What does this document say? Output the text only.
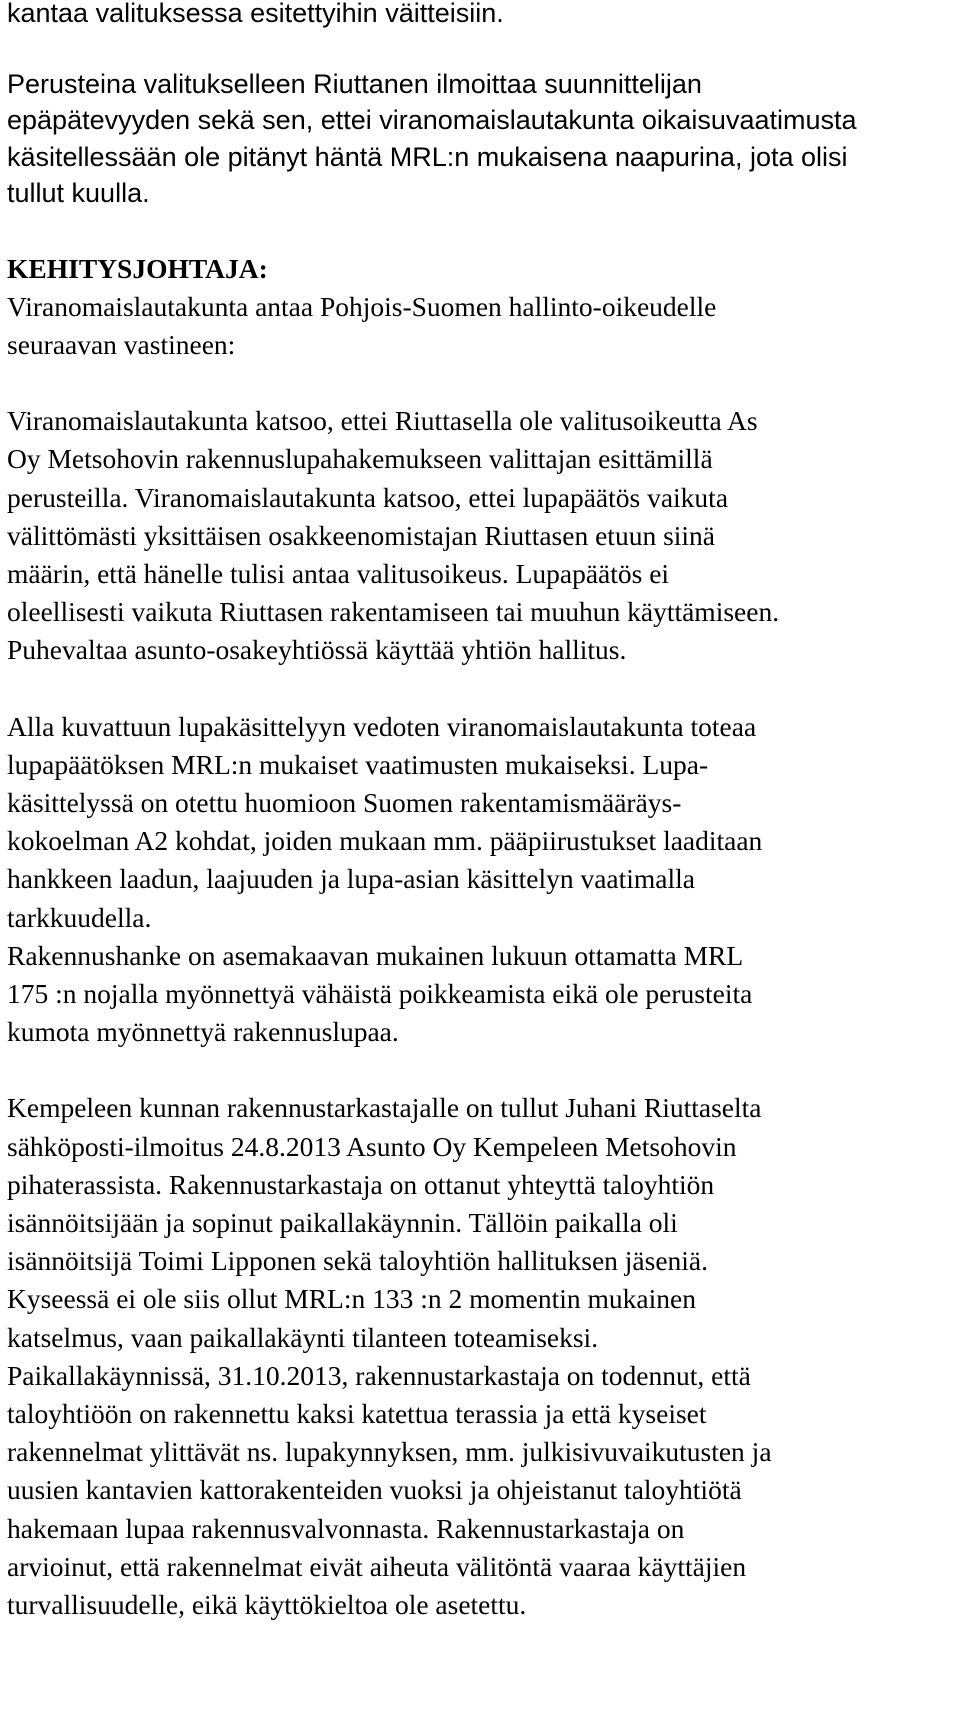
kantaa valituksessa esitettyihin väitteisiin.
Perusteina valitukselleen Riuttanen ilmoittaa suunnittelijan
epäpätevyyden sekä sen, ettei viranomaislautakunta oikaisuvaatimusta
käsitellessään ole pitänyt häntä MRL:n mukaisena naapurina, jota olisi
tullut kuulla.
KEHITYSJOHTAJA:
Viranomaislautakunta antaa Pohjois-Suomen hallinto-oikeudelle
seuraavan vastineen:
Viranomaislautakunta katsoo, ettei Riuttasella ole valitusoikeutta As
Oy Metsohovin rakennuslupahakemukseen valittajan esittämillä
perusteilla. Viranomaislautakunta katsoo, ettei lupapäätös vaikuta
välittömästi yksittäisen osakkeenomistajan Riuttasen etuun siinä
määrin, että hänelle tulisi antaa valitusoikeus. Lupapäätös ei
oleellisesti vaikuta Riuttasen rakentamiseen tai muuhun käyttämiseen.
Puhevaltaa asunto-osakeyhtiössä käyttää yhtiön hallitus.
Alla kuvattuun lupakäsittelyyn vedoten viranomaislautakunta toteaa
lupapäätöksen MRL:n mukaiset vaatimusten mukaiseksi. Lupa-
käsittelyssä on otettu huomioon Suomen rakentamismääräys-
kokoelman A2 kohdat, joiden mukaan mm. pääpiirustukset laaditaan
hankkeen laadun, laajuuden ja lupa-asian käsittelyn vaatimalla
tarkkuudella.
Rakennushanke on asemakaavan mukainen lukuun ottamatta MRL
175 :n nojalla myönnettyä vähäistä poikkeamista eikä ole perusteita
kumota myönnettyä rakennuslupaa.
Kempeleen kunnan rakennustarkastajalle on tullut Juhani Riuttaselta
sähköposti-ilmoitus 24.8.2013 Asunto Oy Kempeleen Metsohovin
pihaterassista. Rakennustarkastaja on ottanut yhteyttä taloyhtiön
isännöitsijään ja sopinut paikallakäynnin. Tällöin paikalla oli
isännöitsijä Toimi Lipponen sekä taloyhtiön hallituksen jäseniä.
Kyseessä ei ole siis ollut MRL:n 133 :n 2 momentin mukainen
katselmus, vaan paikallakäynti tilanteen toteamiseksi.
Paikallakäynnissä, 31.10.2013, rakennustarkastaja on todennut, että
taloyhtiöön on rakennettu kaksi katettua terassia ja että kyseiset
rakennelmat ylittävät ns. lupakynnyksen, mm. julkisivuvaikutusten ja
uusien kantavien kattorakenteiden vuoksi ja ohjeistanut taloyhtiötä
hakemaan lupaa rakennusvalvonnasta. Rakennustarkastaja on
arvioinut, että rakennelmat eivät aiheuta välitöntä vaaraa käyttäjien
turvallisuudelle, eikä käyttökieltoa ole asetettu.
